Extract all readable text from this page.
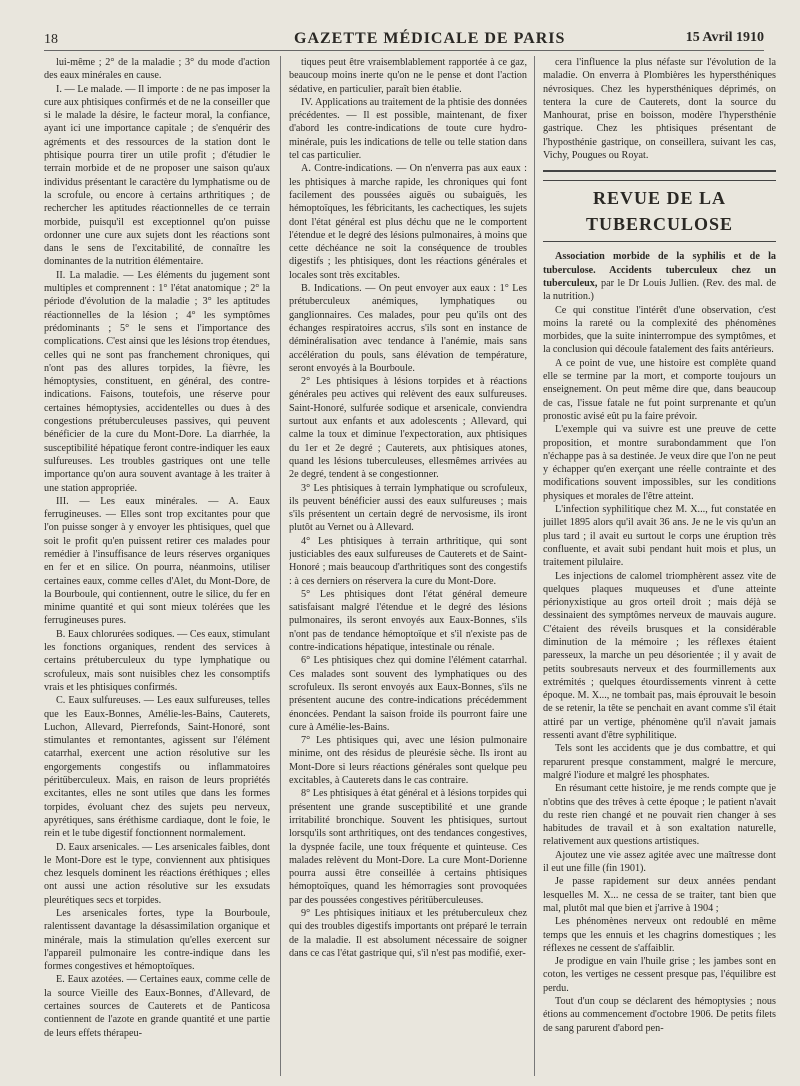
18	GAZETTE MÉDICALE DE PARIS	15 Avril 1910

lui-même ; 2° de la maladie ; 3° du mode d'action des eaux minérales en cause.

I. — Le malade. — Il importe : de ne pas imposer la cure aux phtisiques confirmés et de ne la conseiller que si le malade la désire, le facteur moral, la confiance, ayant ici une importance capitale ; de s'enquérir des agréments et des ressources de la station dont le phtisique pourra tirer un utile profit ; d'étudier le terrain morbide et de ne proposer une saison qu'aux individus présentant le caractère du lymphatisme ou de la scrofule, ou encore à certains arthritiques ; de rechercher les aptitudes réactionnelles de ce terrain morbide, puisqu'il est exceptionnel qu'on puisse ordonner une cure aux sujets dont les réactions sont dans le sens de l'excitabilité, de connaître les dominantes de la nutrition élémentaire.

II. La maladie. — Les éléments du jugement sont multiples et comprennent : 1° l'état anatomique ; 2° la période d'évolution de la maladie ; 3° les aptitudes réactionnelles de la lésion ; 4° les symptômes prédominants ; 5° le sens et l'importance des complications. C'est ainsi que les lésions trop étendues, celles qui ne sont pas franchement chroniques, qui n'ont pas des allures torpides, la fièvre, les hémoptysies, constituent, en général, des contre-indications. Faisons, toutefois, une réserve pour certaines hémoptysies, accidentelles ou dues à des congestions prétuberculeuses passives, qui peuvent bénéficier de la cure du Mont-Dore. La diarrhée, la susceptibilité hépatique feront contre-indiquer les eaux sulfureuses. Les troubles gastriques ont une telle importance qu'on aura souvent avantage à les traiter à une station appropriée.

III. — Les eaux minérales. — A. Eaux ferrugineuses. — Elles sont trop excitantes pour que l'on puisse songer à y envoyer les phtisiques, quel que soit le profit qu'en puissent retirer ces malades pour remédier à l'insuffisance de leurs réserves organiques en fer et en silice. On pourra, néanmoins, utiliser certaines eaux, comme celles d'Alet, du Mont-Dore, de la Bourboule, qui contiennent, outre le silice, du fer en minime quantité et qui sont mieux tolérées que les ferrugineuses pures.

B. Eaux chlorurées sodiques. — Ces eaux, stimulant les fonctions organiques, rendent des services à certains prétuberculeux du type lymphatique ou scrofuleux, mais sont nuisibles chez les consomptifs vrais et les phtisiques confirmés.

C. Eaux sulfureuses. — Les eaux sulfureuses, telles que les Eaux-Bonnes, Amélie-les-Bains, Cauterets, Luchon, Allevard, Pierrefonds, Saint-Honoré, sont stimulantes et remontantes, agissent sur l'élément catarrhal, exercent une action résolutive sur les engorgements congestifs ou inflammatoires péritüberculeux. Mais, en raison de leurs propriétés excitantes, elles ne sont utiles que dans les formes torpides, évoluant chez des sujets peu nerveux, apyrétiques, sans éréthisme cardiaque, dont le foie, le rein et le tube digestif fonctionnent normalement.

D. Eaux arsenicales. — Les arsenicales faibles, dont le Mont-Dore est le type, conviennent aux phtisiques chez lesquels dominent les réactions éréthiques ; elles ont aussi une action résolutive sur les exsudats pleurétiques secs et torpides.

Les arsenicales fortes, type la Bourboule, ralentissent davantage la désassimilation organique et minérale, mais la stimulation qu'elles exercent sur l'appareil pulmonaire les contre-indique dans les formes congestives et hémoptoïques.

E. Eaux azotées. — Certaines eaux, comme celle de la source Vieille des Eaux-Bonnes, d'Allevard, de certaines sources de Cauterets et de Panticosa contiennent de l'azote en grande quantité et une partie de leurs effets thérapeu-

tiques peut être vraisemblablement rapportée à ce gaz, beaucoup moins inerte qu'on ne le pense et dont l'action sédative, en particulier, paraît bien établie.

IV. Applications au traitement de la phtisie des données précédentes. — Il est possible, maintenant, de fixer d'abord les contre-indications de toute cure hydro-minérale, puis les indications de telle ou telle station dans tel cas particulier.

A. Contre-indications. — On n'enverra pas aux eaux : les phtisiques à marche rapide, les chroniques qui font facilement des poussées aiguës ou subaiguës, les hémoptoïques, les fébricitants, les cachectiques, les sujets dont l'état général est plus déchu que ne le comportent l'étendue et le degré des lésions pulmonaires, à moins que cette déchéance ne soit la conséquence de troubles digestifs ; les phtisiques, dont les réactions générales et locales sont très excitables.

B. Indications. — On peut envoyer aux eaux : 1° Les prétuberculeux anémiques, lymphatiques ou ganglionnaires. Ces malades, pour peu qu'ils ont des échanges respiratoires accrus, s'ils sont en instance de déminéralisation avec tendance à l'anémie, mais sans accélération du pouls, sans élévation de température, seront envoyés à la Bourboule.

2° Les phtisiques à lésions torpides et à réactions générales peu actives qui relèvent des eaux sulfureuses. Saint-Honoré, sulfurée sodique et arsenicale, conviendra surtout aux enfants et aux adolescents ; Allevard, qui calme la toux et diminue l'expectoration, aux phtisiques du 1er et 2e degré ; Cauterets, aux phtisiques atones, quand les lésions tuberculeuses, ellesmêmes arrivées au 2e degré, tendent à se congestionner.

3° Les phtisiques à terrain lymphatique ou scrofuleux, ils peuvent bénéficier aussi des eaux sulfureuses ; mais s'ils présentent un certain degré de nervosisme, ils iront plutôt au Vernet ou à Allevard.

4° Les phtisiques à terrain arthritique, qui sont justiciables des eaux sulfureuses de Cauterets et de Saint-Honoré ; mais beaucoup d'arthritiques sont des congestifs : à ces derniers on réservera la cure du Mont-Dore.

5° Les phtisiques dont l'état général demeure satisfaisant malgré l'étendue et le degré des lésions pulmonaires, ils seront envoyés aux Eaux-Bonnes, s'ils n'ont pas de tendance hémoptoïque et s'il n'existe pas de contre-indications hépatique, intestinale ou rénale.

6° Les phtisiques chez qui domine l'élément catarrhal. Ces malades sont souvent des lymphatiques ou des scrofuleux. Ils seront envoyés aux Eaux-Bonnes, s'ils ne présentent aucune des contre-indications précédemment énoncées. Pendant la saison froide ils pourront faire une cure à Amélie-les-Bains.

7° Les phtisiques qui, avec une lésion pulmonaire minime, ont des résidus de pleurésie sèche. Ils iront au Mont-Dore si leurs réactions générales sont quelque peu excitables, à Cauterets dans le cas contraire.

8° Les phtisiques à état général et à lésions torpides qui présentent une grande susceptibilité et une grande irritabilité bronchique. Souvent les phtisiques, surtout lorsqu'ils sont arthritiques, ont des tendances congestives, la dyspnée facile, une toux fréquente et quinteuse. Ces malades relèvent du Mont-Dore. La cure Mont-Dorienne pourra aussi être conseillée à certains phtisiques hémoptoïques, quand les hémorragies sont provoquées par des poussées congestives péritüberculeuses.

9° Les phtisiques initiaux et les prétuberculeux chez qui des troubles digestifs importants ont préparé le terrain de la maladie. Il est absolument nécessaire de soigner dans ce cas l'état gastrique qui, s'il n'est pas modifié, exer-

cera l'influence la plus néfaste sur l'évolution de la maladie. On enverra à Plombières les hypersthéniques névrosiques. Chez les hypersthéniques déprimés, on tentera la cure de Cauterets, dont la source du Manhourat, prise en boisson, modère l'hypersthénie gastrique. Chez les phtisiques présentant de l'hyposthénie gastrique, on conseillera, suivant les cas, Vichy, Pougues ou Royat.

REVUE DE LA TUBERCULOSE

Association morbide de la syphilis et de la tuberculose. Accidents tuberculeux chez un tuberculeux, par le Dr Louis Jullien. (Rev. des mal. de la nutrition.)

Ce qui constitue l'intérêt d'une observation, c'est moins la rareté ou la complexité des phénomènes morbides, que la suite ininterrompue des symptômes, et la conclusion qui découle fatalement des faits antérieurs.

A ce point de vue, une histoire est complète quand elle se termine par la mort, et comporte toujours un enseignement. On peut même dire que, dans beaucoup de cas, l'issue fatale ne fut point surprenante et qu'un pronostic avisé eût pu la faire prévoir.

L'exemple qui va suivre est une preuve de cette proposition, et montre surabondamment que l'on n'échappe pas à sa destinée. Je veux dire que l'on ne peut y échapper qu'en exerçant une réelle contrainte et des modifications souvent impossibles, sur les conditions physiques et morales de l'être atteint.

L'infection syphilitique chez M. X..., fut constatée en juillet 1895 alors qu'il avait 36 ans. Je ne le vis qu'un an plus tard ; il avait eu surtout le corps une éruption très confluente, et avait subi pendant huit mois et plus, un traitement pilulaire.

Les injections de calomel triomphèrent assez vite de quelques plaques muqueuses et d'une atteinte périonyxistique au gros orteil droit ; mais déjà se dessinaient des symptômes nerveux de mauvais augure. C'étaient des réveils brusques et la considérable diminution de la mémoire ; les réflexes étaient paresseux, la marche un peu désorientée ; il y avait de petits soubresauts nerveux et des fourmillements aux extrémités ; quelques étourdissements vinrent à cette époque. M. X..., ne tombait pas, mais éprouvait le besoin de se retenir, la tête se penchait en avant comme s'il était attiré par un vertige, phénomène qu'il n'avait jamais ressenti avant d'être syphilitique.

Tels sont les accidents que je dus combattre, et qui reparurent presque constamment, malgré le mercure, malgré l'iodure et malgré les phosphates.

En résumant cette histoire, je me rends compte que je n'obtins que des trêves à cette époque ; le patient n'avait du reste rien changé et ne pouvait rien changer à ses habitudes de travail et à son exaltation naturelle, relativement aux questions artistiques.

Ajoutez une vie assez agitée avec une maîtresse dont il eut une fille (fin 1901).

Je passe rapidement sur deux années pendant lesquelles M. X... ne cessa de se traiter, tant bien que mal, plutôt mal que bien et j'arrive à 1904 ;

Les phénomènes nerveux ont redoublé en même temps que les ennuis et les chagrins domestiques ; les réflexes ne cessent de s'affaiblir.

Je prodigue en vain l'huile grise ; les jambes sont en coton, les vertiges ne cessent presque pas, l'équilibre est perdu.

Tout d'un coup se déclarent des hémoptysies ; nous étions au commencement d'octobre 1906. De petits filets de sang parurent d'abord pen-
